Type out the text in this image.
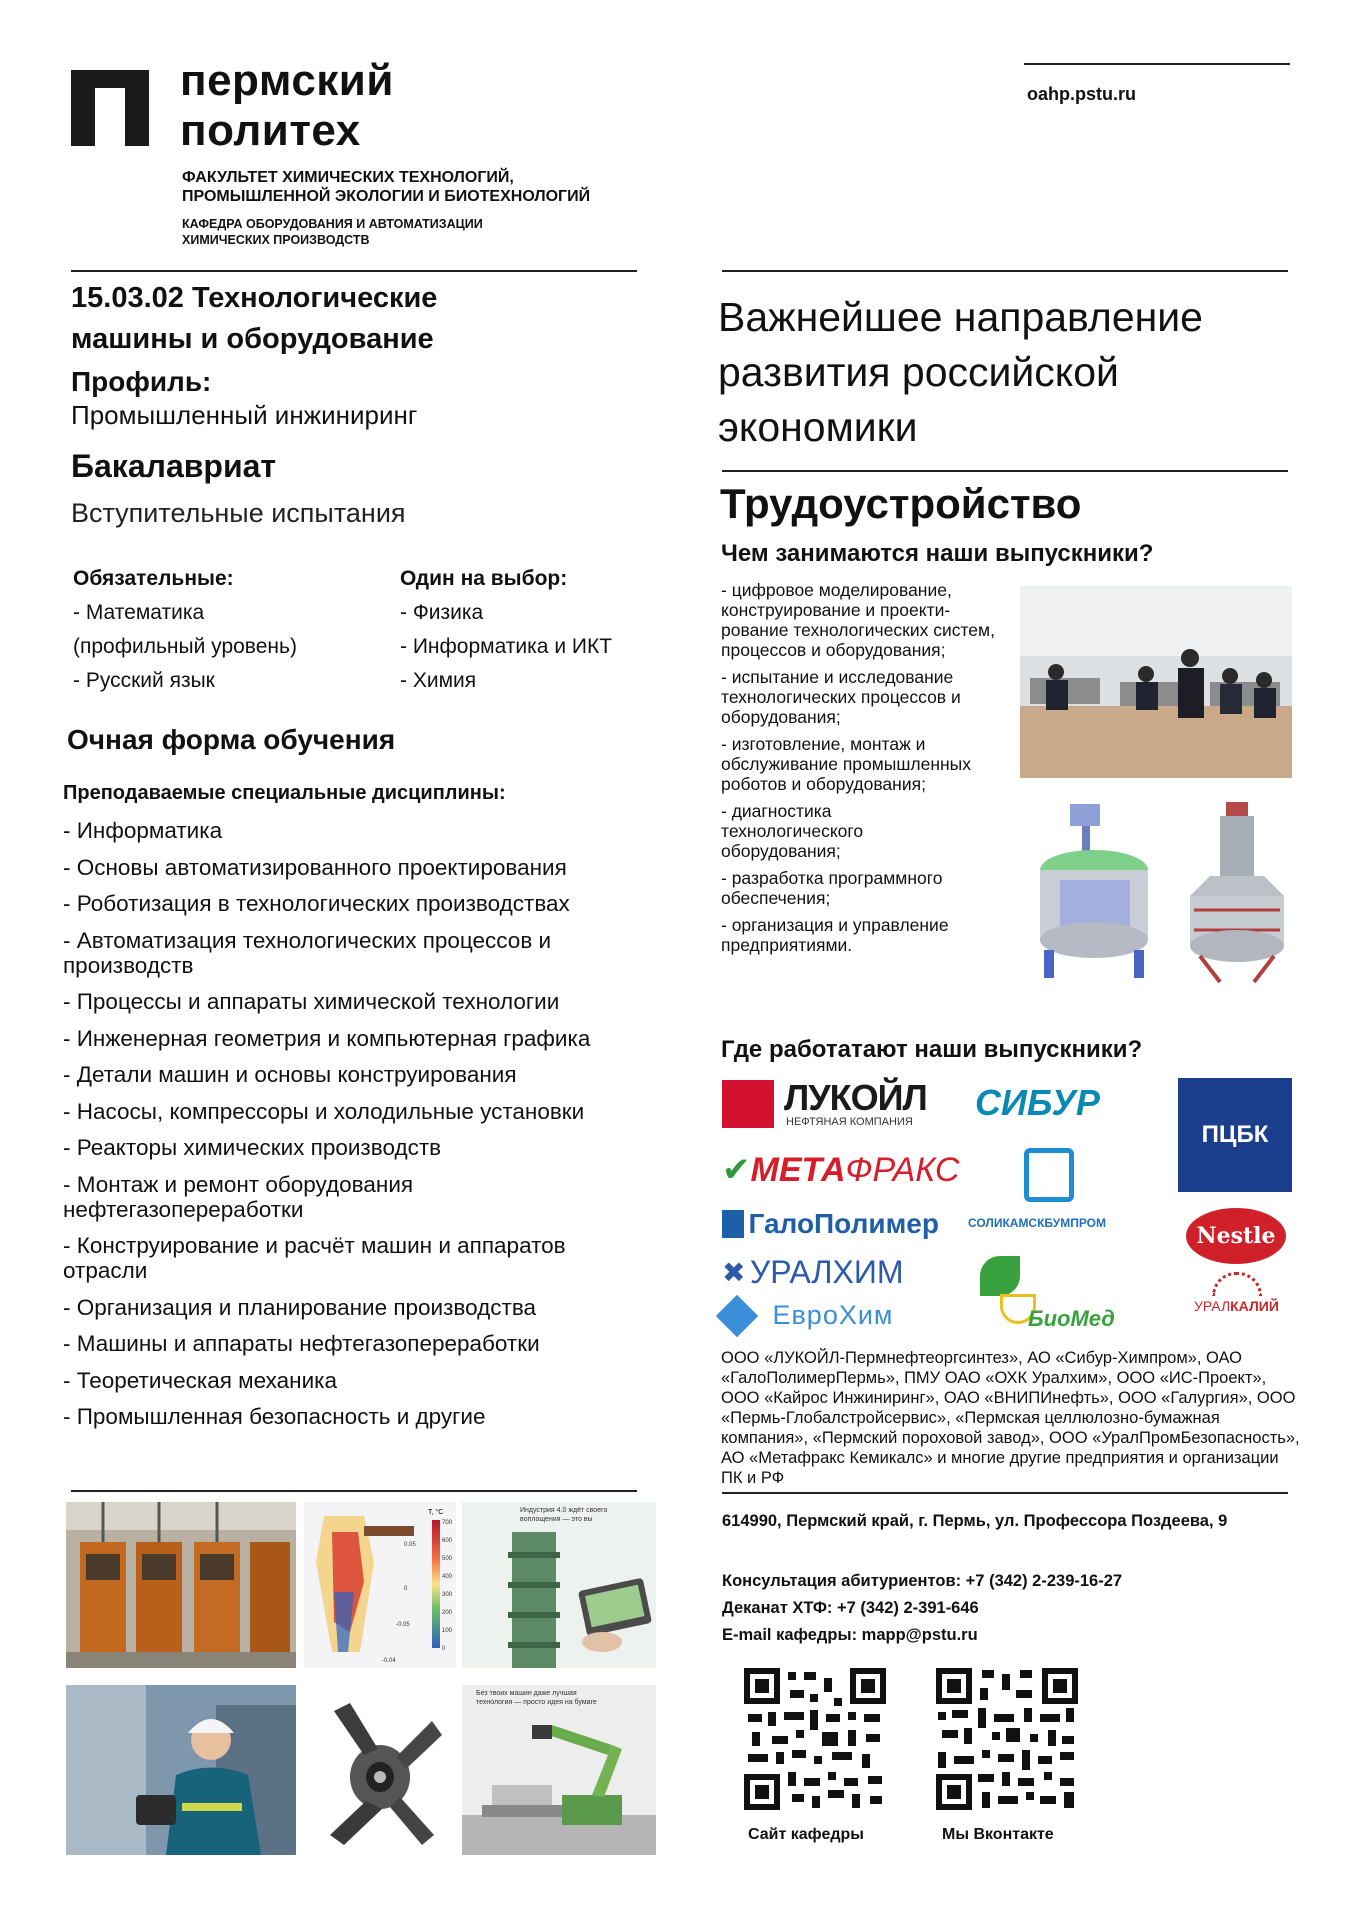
пермский
политех
ФАКУЛЬТЕТ ХИМИЧЕСКИХ ТЕХНОЛОГИЙ,
ПРОМЫШЛЕННОЙ ЭКОЛОГИИ И БИОТЕХНОЛОГИЙ
КАФЕДРА ОБОРУДОВАНИЯ И АВТОМАТИЗАЦИИ
ХИМИЧЕСКИХ ПРОИЗВОДСТВ
oahp.pstu.ru
15.03.02 Технологические
машины и оборудование
Профиль:
Промышленный инжиниринг
Бакалавриат
Вступительные испытания
Обязательные:
- Математика
(профильный уровень)
- Русский язык
Один на выбор:
- Физика
- Информатика и ИКТ
- Химия
Очная форма обучения
Преподаваемые специальные дисциплины:
- Информатика
- Основы автоматизированного проектирования
- Роботизация в технологических производствах
- Автоматизация технологических процессов и производств
- Процессы и аппараты химической технологии
- Инженерная геометрия и компьютерная графика
- Детали машин и основы конструирования
- Насосы, компрессоры и холодильные установки
- Реакторы химических производств
- Монтаж и ремонт оборудования нефтегазопереработки
- Конструирование и расчёт машин и аппаратов отрасли
- Организация и планирование производства
- Машины и аппараты нефтегазопереработки
- Теоретическая механика
- Промышленная безопасность и другие
T, °C
700
600
500
400
300
200
100
0
0.05
0
-0.05
-0.04
Индустрия 4.0 ждёт своего воплощения — это вы
Без твоих машин даже лучшая технология — просто идея на бумаге
Важнейшее направление развития российской экономики
Трудоустройство
Чем занимаются наши выпускники?
- цифровое моделирование, конструирование и проекти-рование технологических систем, процессов и оборудования;
- испытание и исследование технологических процессов и оборудования;
- изготовление, монтаж и обслуживание промышленных роботов и оборудования;
- диагностика технологического оборудования;
- разработка программного обеспечения;
- организация и управление предприятиями.
Где работатают наши выпускники?
ЛУКОЙЛ
НЕФТЯНАЯ КОМПАНИЯ СИБУР
ПЦБК
✔МЕТАФРАКС
СОЛИКАМСКБУМПРОМ	Nestle
ГалоПолимер
✖ УРАЛХИМ
БиоМед	УРАЛКАЛИЙ
ЕвроХим
ООО «ЛУКОЙЛ-Пермнефтеоргсинтез», АО «Сибур-Химпром», ОАО «ГалоПолимерПермь», ПМУ ОАО «ОХК Уралхим», ООО «ИС-Проект», ООО «Кайрос Инжиниринг», ОАО «ВНИПИнефть», ООО «Галургия», ООО «Пермь-Глобалстройсервис», «Пермская целлюлозно-бумажная компания», «Пермский пороховой завод», ООО «УралПромБезопасность», АО «Метафракс Кемикалс» и многие другие предприятия и организации ПК и РФ
614990, Пермский край, г. Пермь, ул. Профессора Поздеева, 9
Консультация абитуриентов: +7 (342) 2-239-16-27
Деканат ХТФ: +7 (342) 2-391-646
E-mail кафедры: mapp@pstu.ru
Сайт кафедры	Мы Вконтакте
